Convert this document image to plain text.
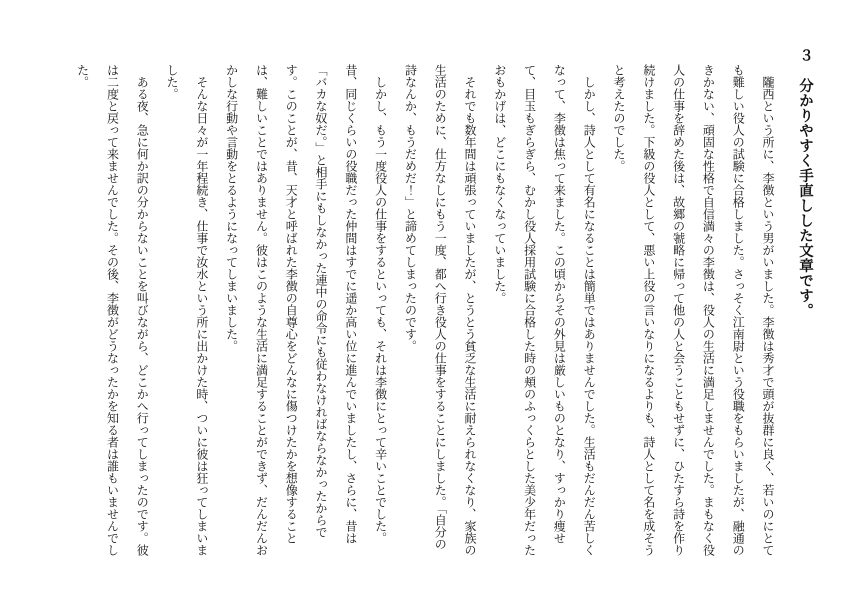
３　分かりやすく手直しした文章です。

隴西という所に、李徴という男がいました。李徴は秀才で頭が抜群に良く、若いのにとても難しい役人の試験に合格しました。さっそく江南尉という役職をもらいましたが、融通のきかない、頑固な性格で自信満々の李徴は、役人の生活に満足しませんでした。まもなく役人の仕事を辞めた後は、故郷の虢略に帰って他の人と会うこともせずに、ひたすら詩を作り続けました。下級の役人として、悪い上役の言いなりになるよりも、詩人として名を成そうと考えたのでした。

しかし、詩人として有名になることは簡単ではありませんでした。生活もだんだん苦しくなって、李徴は焦って来ました。この頃からその外見は厳しいものとなり、すっかり痩せて、目玉もぎらぎら、むかし役人採用試験に合格した時の頬のふっくらとした美少年だったおもかげは、どこにもなくなっていました。

それでも数年間は頑張っていましたが、とうとう貧乏な生活に耐えられなくなり、家族の生活のために、仕方なしにもう一度、都へ行き役人の仕事をすることにしました。「自分の詩なんか、もうだめだ！」と諦めてしまったのです。

しかし、もう一度役人の仕事をするといっても、それは李徴にとって辛いことでした。昔、同じくらいの役職だった仲間はすでに遥か高い位に進んでいましたし、さらに、昔は「バカな奴だ。」と相手にもしなかった連中の命令にも従わなければならなかったからです。このことが、昔、天才と呼ばれた李徴の自尊心をどんなに傷つけたかを想像することは、難しいことではありません。彼はこのような生活に満足することができず、だんだんおかしな行動や言動をとるようになってしまいました。

そんな日々が一年程続き、仕事で汝水という所に出かけた時、ついに彼は狂ってしまいました。

ある夜、急に何か訳の分からないことを叫びながら、どこかへ行ってしまったのです。彼は二度と戻って来ませんでした。その後、李徴がどうなったかを知る者は誰もいませんでした。
